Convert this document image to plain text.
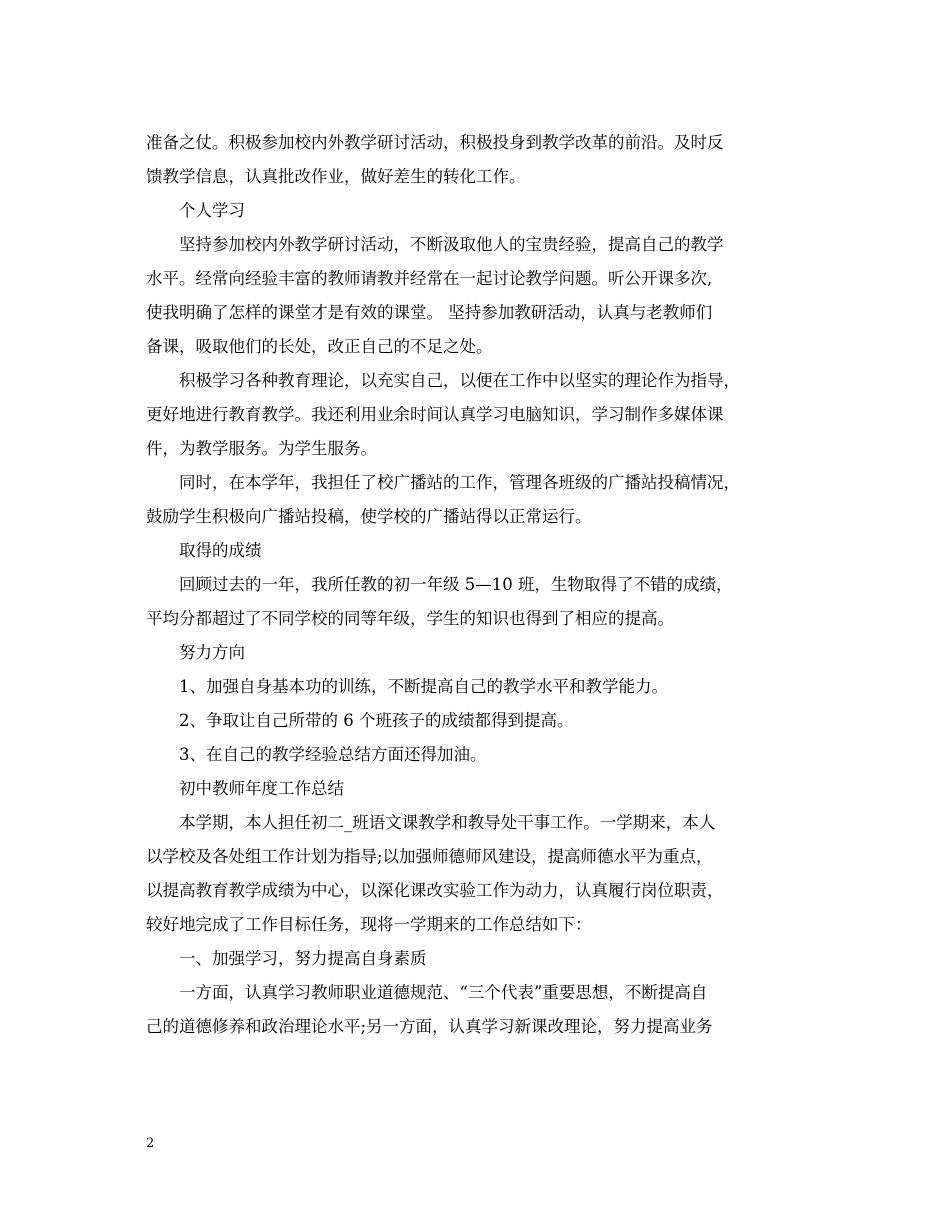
准备之仗。积极参加校内外教学研讨活动，积极投身到教学改革的前沿。及时反
馈教学信息，认真批改作业，做好差生的转化工作。
个人学习
坚持参加校内外教学研讨活动，不断汲取他人的宝贵经验，提高自己的教学
水平。经常向经验丰富的教师请教并经常在一起讨论教学问题。听公开课多次,
使我明确了怎样的课堂才是有效的课堂。 坚持参加教研活动，认真与老教师们
备课，吸取他们的长处，改正自己的不足之处。
积极学习各种教育理论，以充实自己，以便在工作中以坚实的理论作为指导，
更好地进行教育教学。我还利用业余时间认真学习电脑知识，学习制作多媒体课
件，为教学服务。为学生服务。
同时，在本学年，我担任了校广播站的工作，管理各班级的广播站投稿情况，
鼓励学生积极向广播站投稿，使学校的广播站得以正常运行。
取得的成绩
回顾过去的一年，我所任教的初一年级 5—10 班，生物取得了不错的成绩，
平均分都超过了不同学校的同等年级，学生的知识也得到了相应的提高。
努力方向
1、加强自身基本功的训练，不断提高自己的教学水平和教学能力。
2、争取让自己所带的 6 个班孩子的成绩都得到提高。
3、在自己的教学经验总结方面还得加油。
初中教师年度工作总结
本学期，本人担任初二_班语文课教学和教导处干事工作。一学期来，本人
以学校及各处组工作计划为指导;以加强师德师风建设，提高师德水平为重点，
以提高教育教学成绩为中心，以深化课改实验工作为动力，认真履行岗位职责，
较好地完成了工作目标任务，现将一学期来的工作总结如下：
一、加强学习，努力提高自身素质
一方面，认真学习教师职业道德规范、“三个代表”重要思想，不断提高自
己的道德修养和政治理论水平;另一方面，认真学习新课改理论，努力提高业务
2
